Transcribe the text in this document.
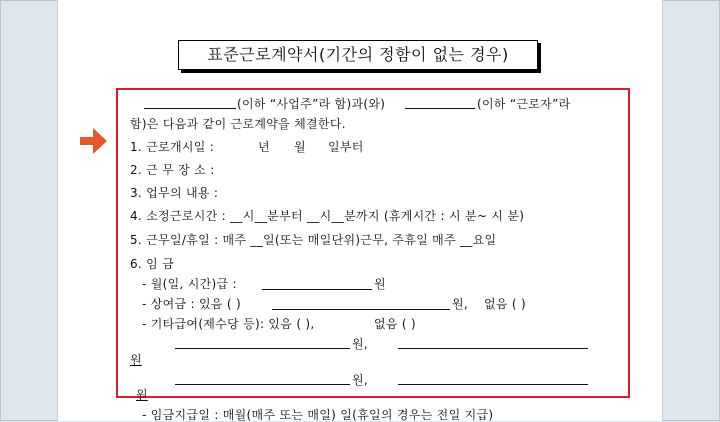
표준근로계약서(기간의 정함이 없는 경우)
(이하 “사업주”라 함)과(와)	(이하 “근로자”라
함)은 다음과 같이 근로계약을 체결한다.
1. 근로개시일 :	년 월 일부터
2. 근 무 장 소 :
3. 업무의 내용 :
4. 소정근로시간 : __시__분부터 __시__분까지 (휴게시간 : 시 분~ 시 분)
5. 근무일/휴일 : 매주 __일(또는 매일단위)근무, 주휴일 매주 __요일
6. 임 금
- 월(일, 시간)급 :	원
- 상여금 : 있음 ( )	원, 없음 ( )
- 기타급여(제수당 등): 있음 ( ),	없음 ( )
원,
원
원,
원
- 임금지급일 : 매월(매주 또는 매일) 일(휴일의 경우는 전일 지급)
